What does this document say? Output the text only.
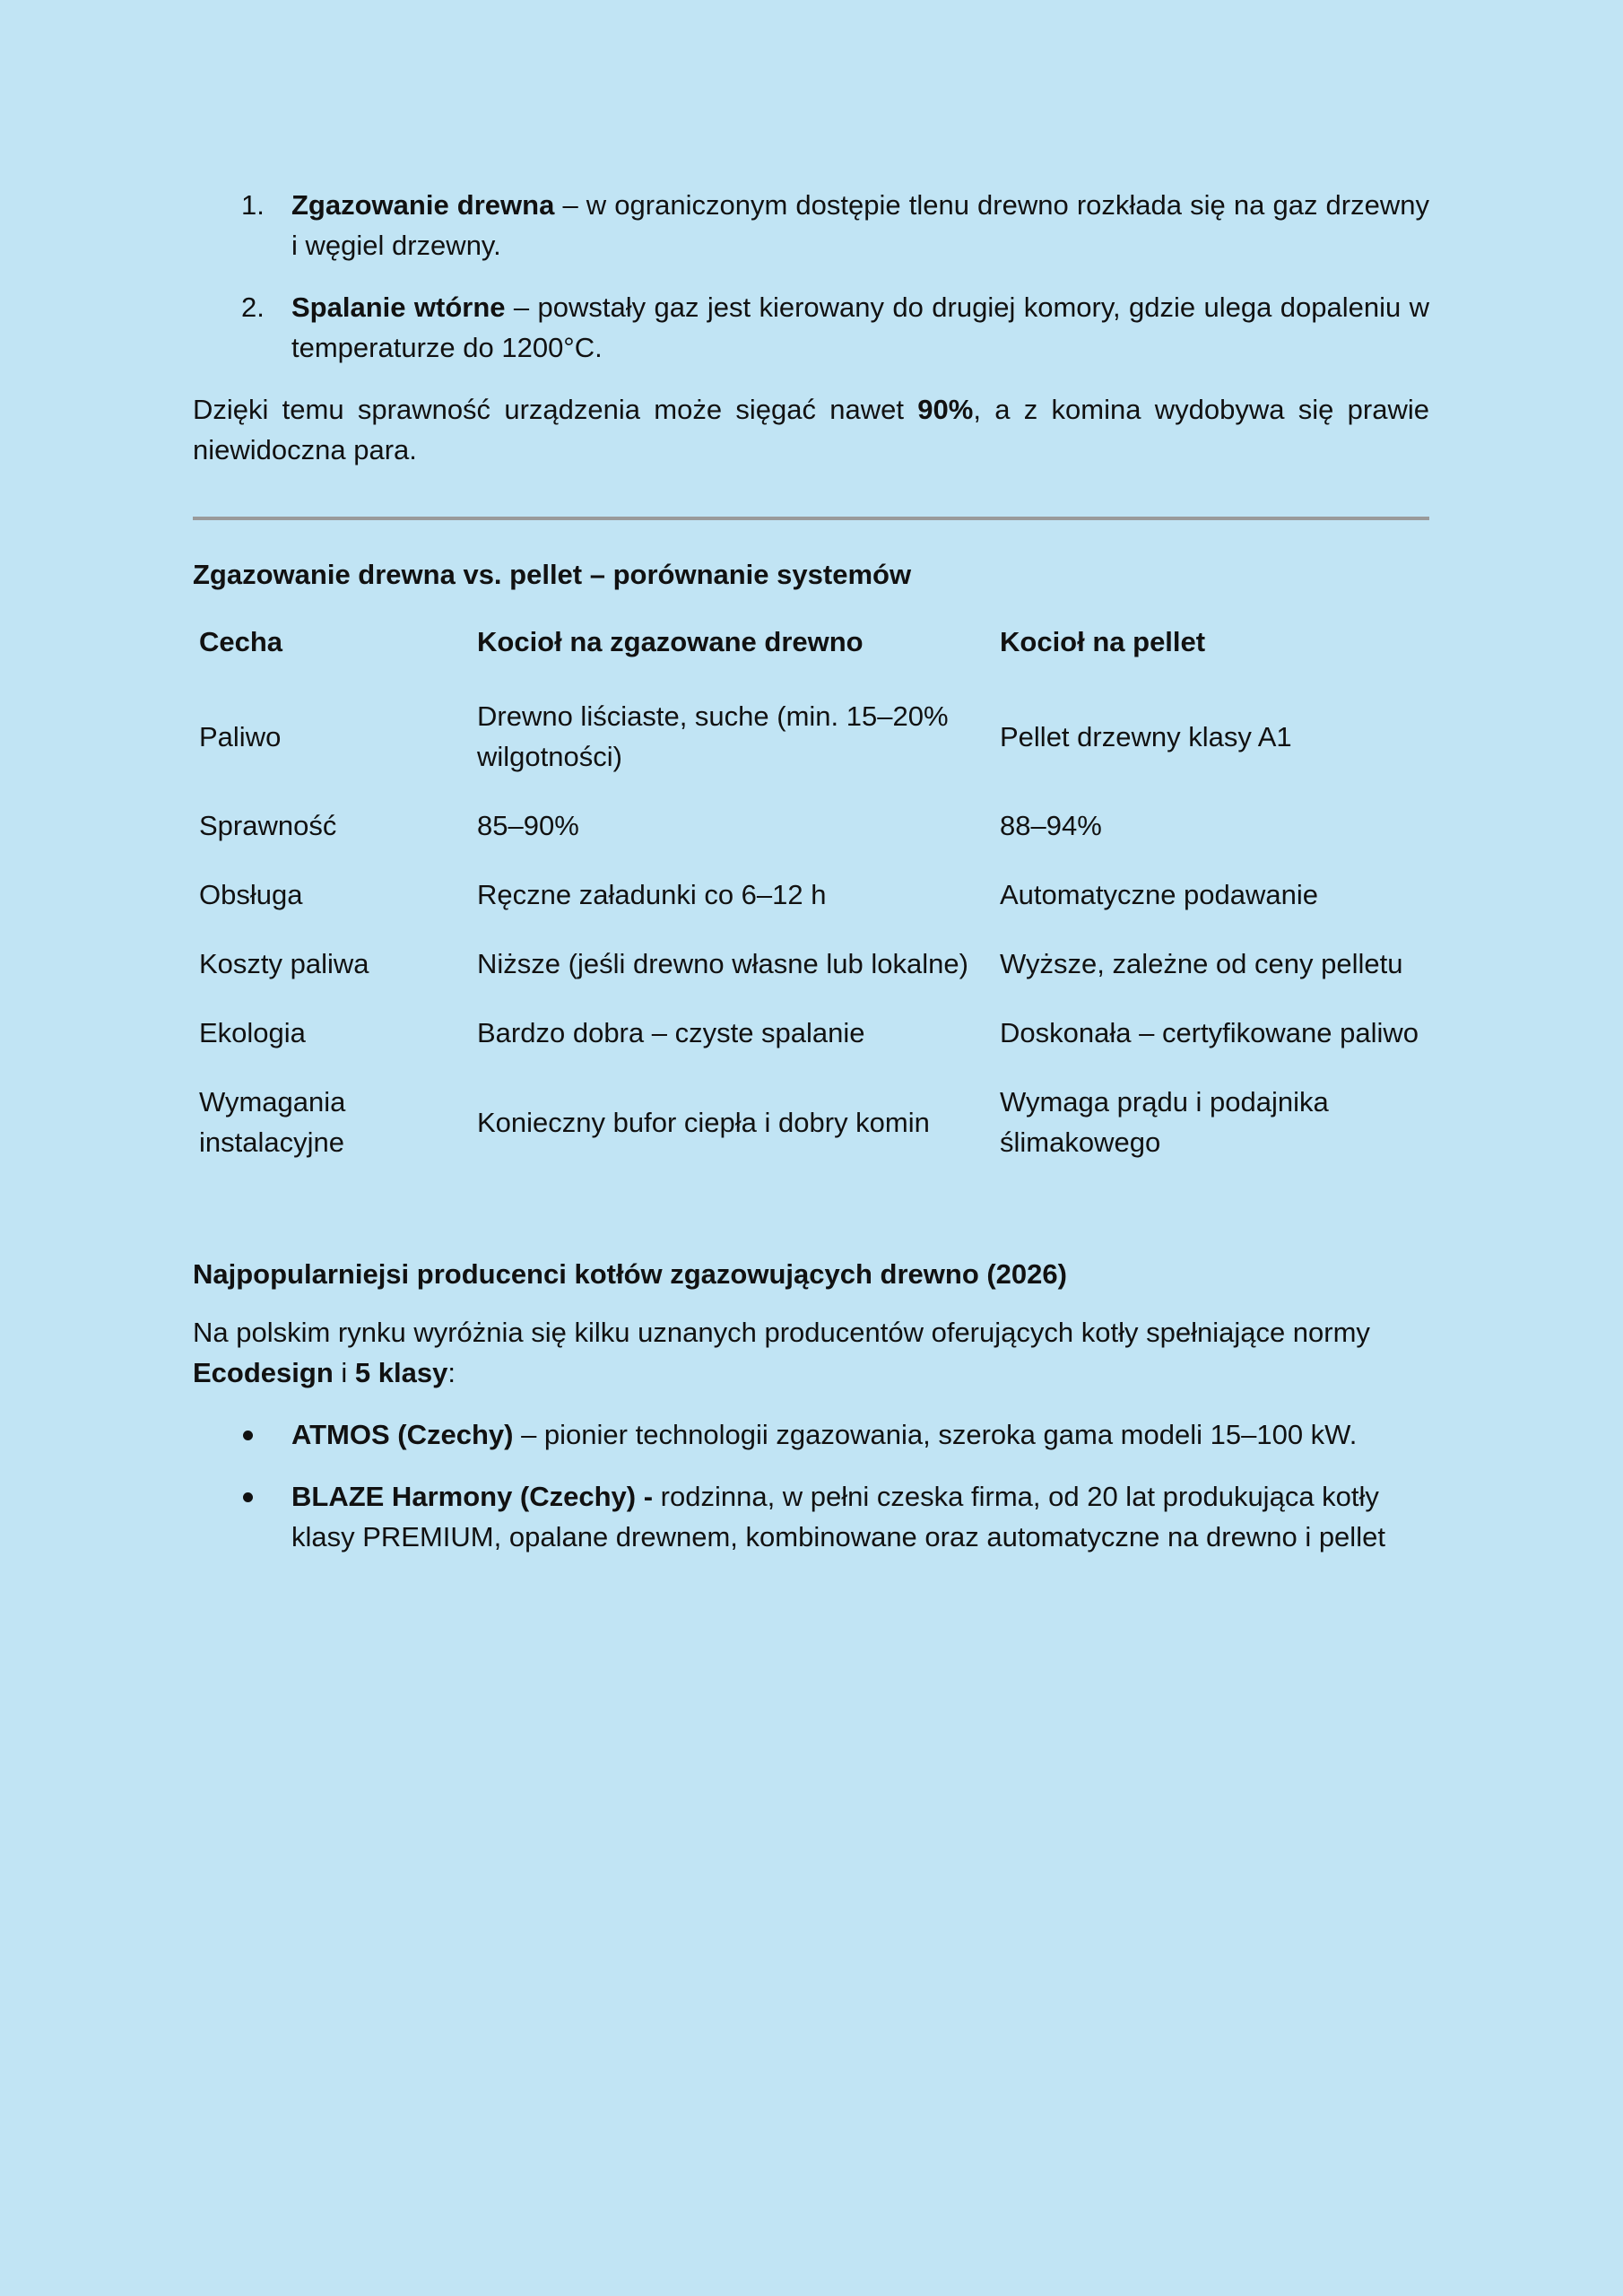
1. Zgazowanie drewna – w ograniczonym dostępie tlenu drewno rozkłada się na gaz drzewny i węgiel drzewny.
2. Spalanie wtórne – powstały gaz jest kierowany do drugiej komory, gdzie ulega dopaleniu w temperaturze do 1200°C.

Dzięki temu sprawność urządzenia może sięgać nawet 90%, a z komina wydobywa się prawie niewidoczna para.

Zgazowanie drewna vs. pellet – porównanie systemów
Cecha	Kocioł na zgazowane drewno	Kocioł na pellet
Paliwo	Drewno liściaste, suche (min. 15–20% wilgotności)	Pellet drzewny klasy A1
Sprawność	85–90%	88–94%
Obsługa	Ręczne załadunki co 6–12 h	Automatyczne podawanie
Koszty paliwa	Niższe (jeśli drewno własne lub lokalne)	Wyższe, zależne od ceny pelletu
Ekologia	Bardzo dobra – czyste spalanie	Doskonała – certyfikowane paliwo
Wymagania instalacyjne	Konieczny bufor ciepła i dobry komin	Wymaga prądu i podajnika ślimakowego
Najpopularniejsi producenci kotłów zgazowujących drewno (2026)

Na polskim rynku wyróżnia się kilku uznanych producentów oferujących kotły spełniające normy Ecodesign i 5 klasy:

ATMOS (Czechy) – pionier technologii zgazowania, szeroka gama modeli 15–100 kW.
BLAZE Harmony (Czechy) - rodzinna, w pełni czeska firma, od 20 lat produkująca kotły klasy PREMIUM, opalane drewnem, kombinowane oraz automatyczne na drewno i pellet
